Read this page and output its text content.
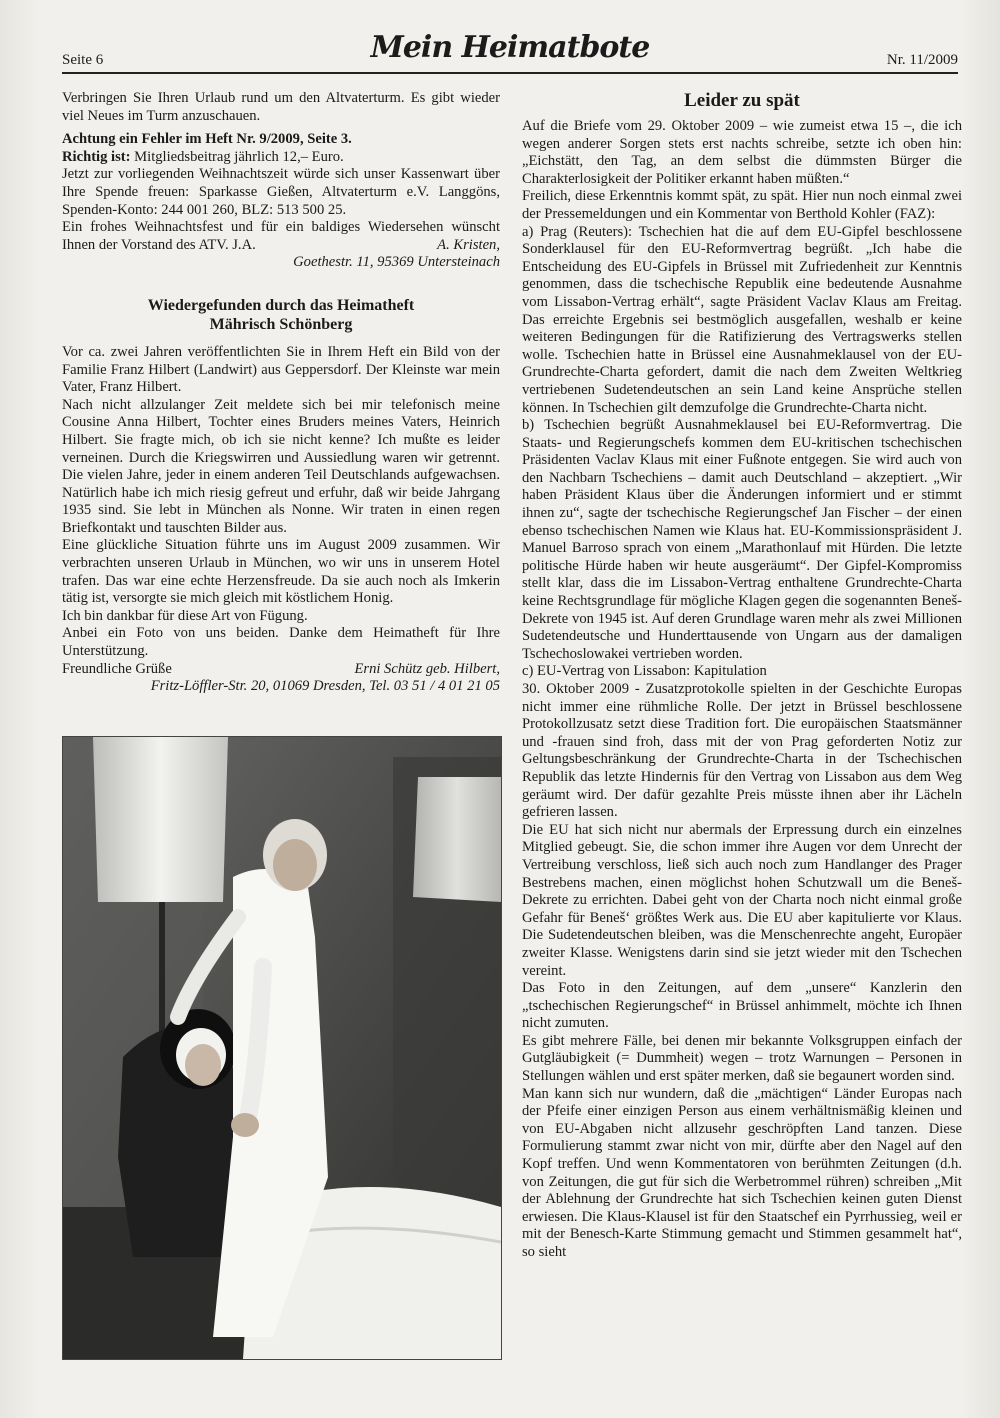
Seite 6	Mein Heimatbote	Nr. 11/2009

Verbringen Sie Ihren Urlaub rund um den Altvaterturm. Es gibt wieder viel Neues im Turm anzuschauen.

Achtung ein Fehler im Heft Nr. 9/2009, Seite 3.

Richtig ist: Mitgliedsbeitrag jährlich 12,– Euro.

Jetzt zur vorliegenden Weihnachtszeit würde sich unser Kassenwart über Ihre Spende freuen: Sparkasse Gießen, Altvaterturm e.V. Langgöns, Spenden-Konto: 244 001 260, BLZ: 513 500 25.

Ein frohes Weihnachtsfest und für ein baldiges Wiedersehen wünscht Ihnen der Vorstand des ATV. J.A.	A. Kristen,

Goethestr. 11, 95369 Untersteinach

Wiedergefunden durch das Heimatheft
Mährisch Schönberg

Vor ca. zwei Jahren veröffentlichten Sie in Ihrem Heft ein Bild von der Familie Franz Hilbert (Landwirt) aus Geppersdorf. Der Kleinste war mein Vater, Franz Hilbert.

Nach nicht allzulanger Zeit meldete sich bei mir telefonisch meine Cousine Anna Hilbert, Tochter eines Bruders meines Vaters, Heinrich Hilbert. Sie fragte mich, ob ich sie nicht kenne? Ich mußte es leider verneinen. Durch die Kriegswirren und Aussiedlung waren wir getrennt. Die vielen Jahre, jeder in einem anderen Teil Deutschlands aufgewachsen. Natürlich habe ich mich riesig gefreut und erfuhr, daß wir beide Jahrgang 1935 sind. Sie lebt in München als Nonne. Wir traten in einen regen Briefkontakt und tauschten Bilder aus.

Eine glückliche Situation führte uns im August 2009 zusammen. Wir verbrachten unseren Urlaub in München, wo wir uns in unserem Hotel trafen. Das war eine echte Herzensfreude. Da sie auch noch als Imkerin tätig ist, versorgte sie mich gleich mit köstlichem Honig.

Ich bin dankbar für diese Art von Fügung.

Anbei ein Foto von uns beiden. Danke dem Heimatheft für Ihre Unterstützung.

Freundliche Grüße	Erni Schütz geb. Hilbert,

Fritz-Löffler-Str. 20, 01069 Dresden, Tel. 03 51 / 4 01 21 05

Leider zu spät

Auf die Briefe vom 29. Oktober 2009 – wie zumeist etwa 15 –, die ich wegen anderer Sorgen stets erst nachts schreibe, setzte ich oben hin: „Eichstätt, den Tag, an dem selbst die dümmsten Bürger die Charakterlosigkeit der Politiker erkannt haben müßten.“

Freilich, diese Erkenntnis kommt spät, zu spät. Hier nun noch einmal zwei der Pressemeldungen und ein Kommentar von Berthold Kohler (FAZ):

a) Prag (Reuters): Tschechien hat die auf dem EU-Gipfel beschlossene Sonderklausel für den EU-Reformvertrag begrüßt. „Ich habe die Entscheidung des EU-Gipfels in Brüssel mit Zufriedenheit zur Kenntnis genommen, dass die tschechische Republik eine bedeutende Ausnahme vom Lissabon-Vertrag erhält“, sagte Präsident Vaclav Klaus am Freitag. Das erreichte Ergebnis sei bestmöglich ausgefallen, weshalb er keine weiteren Bedingungen für die Ratifizierung des Vertragswerks stellen wolle. Tschechien hatte in Brüssel eine Ausnahmeklausel von der EU-Grundrechte-Charta gefordert, damit die nach dem Zweiten Weltkrieg vertriebenen Sudetendeutschen an sein Land keine Ansprüche stellen können. In Tschechien gilt demzufolge die Grundrechte-Charta nicht.

b) Tschechien begrüßt Ausnahmeklausel bei EU-Reformvertrag. Die Staats- und Regierungschefs kommen dem EU-kritischen tschechischen Präsidenten Vaclav Klaus mit einer Fußnote entgegen. Sie wird auch von den Nachbarn Tschechiens – damit auch Deutschland – akzeptiert. „Wir haben Präsident Klaus über die Änderungen informiert und er stimmt ihnen zu“, sagte der tschechische Regierungschef Jan Fischer – der einen ebenso tschechischen Namen wie Klaus hat. EU-Kommissionspräsident J. Manuel Barroso sprach von einem „Marathonlauf mit Hürden. Die letzte politische Hürde haben wir heute ausgeräumt“. Der Gipfel-Kompromiss stellt klar, dass die im Lissabon-Vertrag enthaltene Grundrechte-Charta keine Rechtsgrundlage für mögliche Klagen gegen die sogenannten Beneš-Dekrete von 1945 ist. Auf deren Grundlage waren mehr als zwei Millionen Sudetendeutsche und Hunderttausende von Ungarn aus der damaligen Tschechoslowakei vertrieben worden.

c) EU-Vertrag von Lissabon: Kapitulation

30. Oktober 2009 - Zusatzprotokolle spielten in der Geschichte Europas nicht immer eine rühmliche Rolle. Der jetzt in Brüssel beschlossene Protokollzusatz setzt diese Tradition fort. Die europäischen Staatsmänner und -frauen sind froh, dass mit der von Prag geforderten Notiz zur Geltungsbeschränkung der Grundrechte-Charta in der Tschechischen Republik das letzte Hindernis für den Vertrag von Lissabon aus dem Weg geräumt wird. Der dafür gezahlte Preis müsste ihnen aber ihr Lächeln gefrieren lassen.

Die EU hat sich nicht nur abermals der Erpressung durch ein einzelnes Mitglied gebeugt. Sie, die schon immer ihre Augen vor dem Unrecht der Vertreibung verschloss, ließ sich auch noch zum Handlanger des Prager Bestrebens machen, einen möglichst hohen Schutzwall um die Beneš-Dekrete zu errichten. Dabei geht von der Charta noch nicht einmal große Gefahr für Beneš‘ größtes Werk aus. Die EU aber kapitulierte vor Klaus. Die Sudetendeutschen bleiben, was die Menschenrechte angeht, Europäer zweiter Klasse. Wenigstens darin sind sie jetzt wieder mit den Tschechen vereint.

Das Foto in den Zeitungen, auf dem „unsere“ Kanzlerin den „tschechischen Regierungschef“ in Brüssel anhimmelt, möchte ich Ihnen nicht zumuten.

Es gibt mehrere Fälle, bei denen mir bekannte Volksgruppen einfach der Gutgläubigkeit (= Dummheit) wegen – trotz Warnungen – Personen in Stellungen wählen und erst später merken, daß sie begaunert worden sind.

Man kann sich nur wundern, daß die „mächtigen“ Länder Europas nach der Pfeife einer einzigen Person aus einem verhältnismäßig kleinen und von EU-Abgaben nicht allzusehr geschröpften Land tanzen. Diese Formulierung stammt zwar nicht von mir, dürfte aber den Nagel auf den Kopf treffen. Und wenn Kommentatoren von berühmten Zeitungen (d.h. von Zeitungen, die gut für sich die Werbetrommel rühren) schreiben „Mit der Ablehnung der Grundrechte hat sich Tschechien keinen guten Dienst erwiesen. Die Klaus-Klausel ist für den Staatschef ein Pyrrhussieg, weil er mit der Benesch-Karte Stimmung gemacht und Stimmen gesammelt hat“, so sieht
